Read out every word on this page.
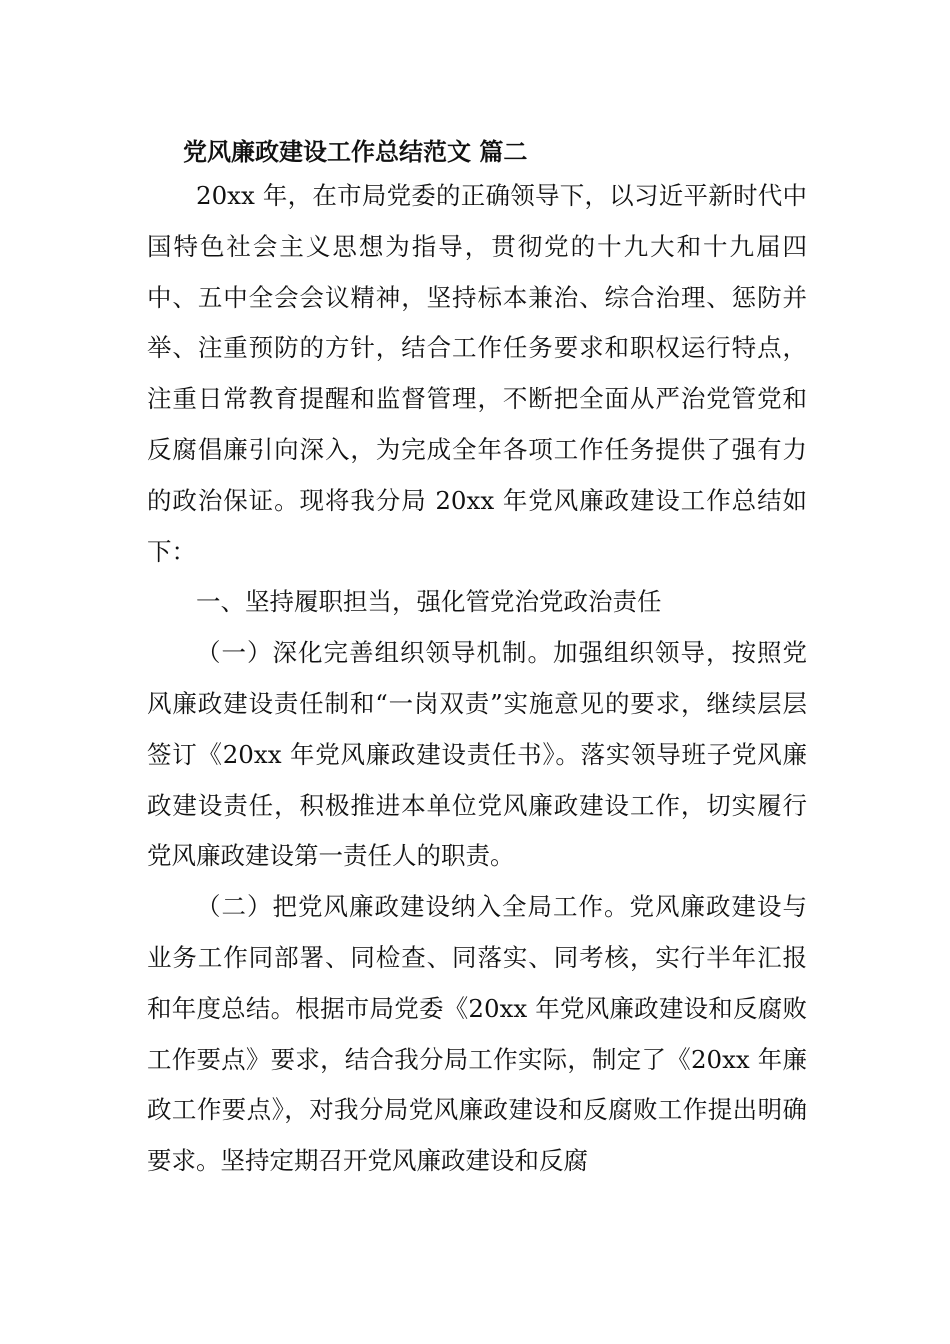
党风廉政建设工作总结范文 篇二

20xx 年，在市局党委的正确领导下，以习近平新时代中国特色社会主义思想为指导，贯彻党的十九大和十九届四中、五中全会会议精神，坚持标本兼治、综合治理、惩防并举、注重预防的方针，结合工作任务要求和职权运行特点，注重日常教育提醒和监督管理，不断把全面从严治党管党和反腐倡廉引向深入，为完成全年各项工作任务提供了强有力的政治保证。现将我分局 20xx 年党风廉政建设工作总结如下：

一、坚持履职担当，强化管党治党政治责任

（一）深化完善组织领导机制。加强组织领导，按照党风廉政建设责任制和“一岗双责”实施意见的要求，继续层层签订《20xx 年党风廉政建设责任书》。落实领导班子党风廉政建设责任，积极推进本单位党风廉政建设工作，切实履行党风廉政建设第一责任人的职责。

（二）把党风廉政建设纳入全局工作。党风廉政建设与业务工作同部署、同检查、同落实、同考核，实行半年汇报和年度总结。根据市局党委《20xx 年党风廉政建设和反腐败工作要点》要求，结合我分局工作实际，制定了《20xx 年廉政工作要点》，对我分局党风廉政建设和反腐败工作提出明确要求。坚持定期召开党风廉政建设和反腐
